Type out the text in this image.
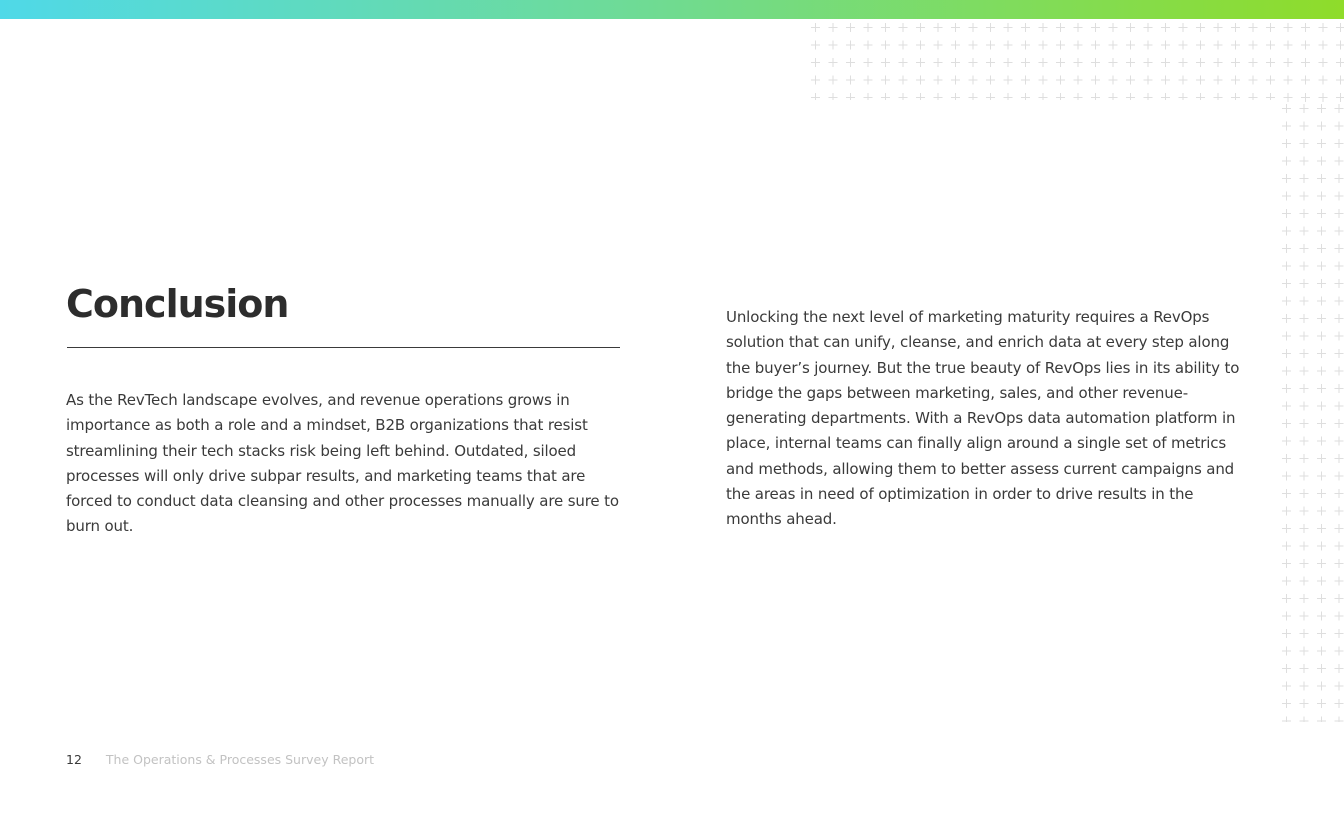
Conclusion

As the RevTech landscape evolves, and revenue operations grows in importance as both a role and a mindset, B2B organizations that resist streamlining their tech stacks risk being left behind. Outdated, siloed processes will only drive subpar results, and marketing teams that are forced to conduct data cleansing and other processes manually are sure to burn out.

Unlocking the next level of marketing maturity requires a RevOps solution that can unify, cleanse, and enrich data at every step along the buyer’s journey. But the true beauty of RevOps lies in its ability to bridge the gaps between marketing, sales, and other revenue-generating departments. With a RevOps data automation platform in place, internal teams can finally align around a single set of metrics and methods, allowing them to better assess current campaigns and the areas in need of optimization in order to drive results in the months ahead.

12 The Operations & Processes Survey Report
